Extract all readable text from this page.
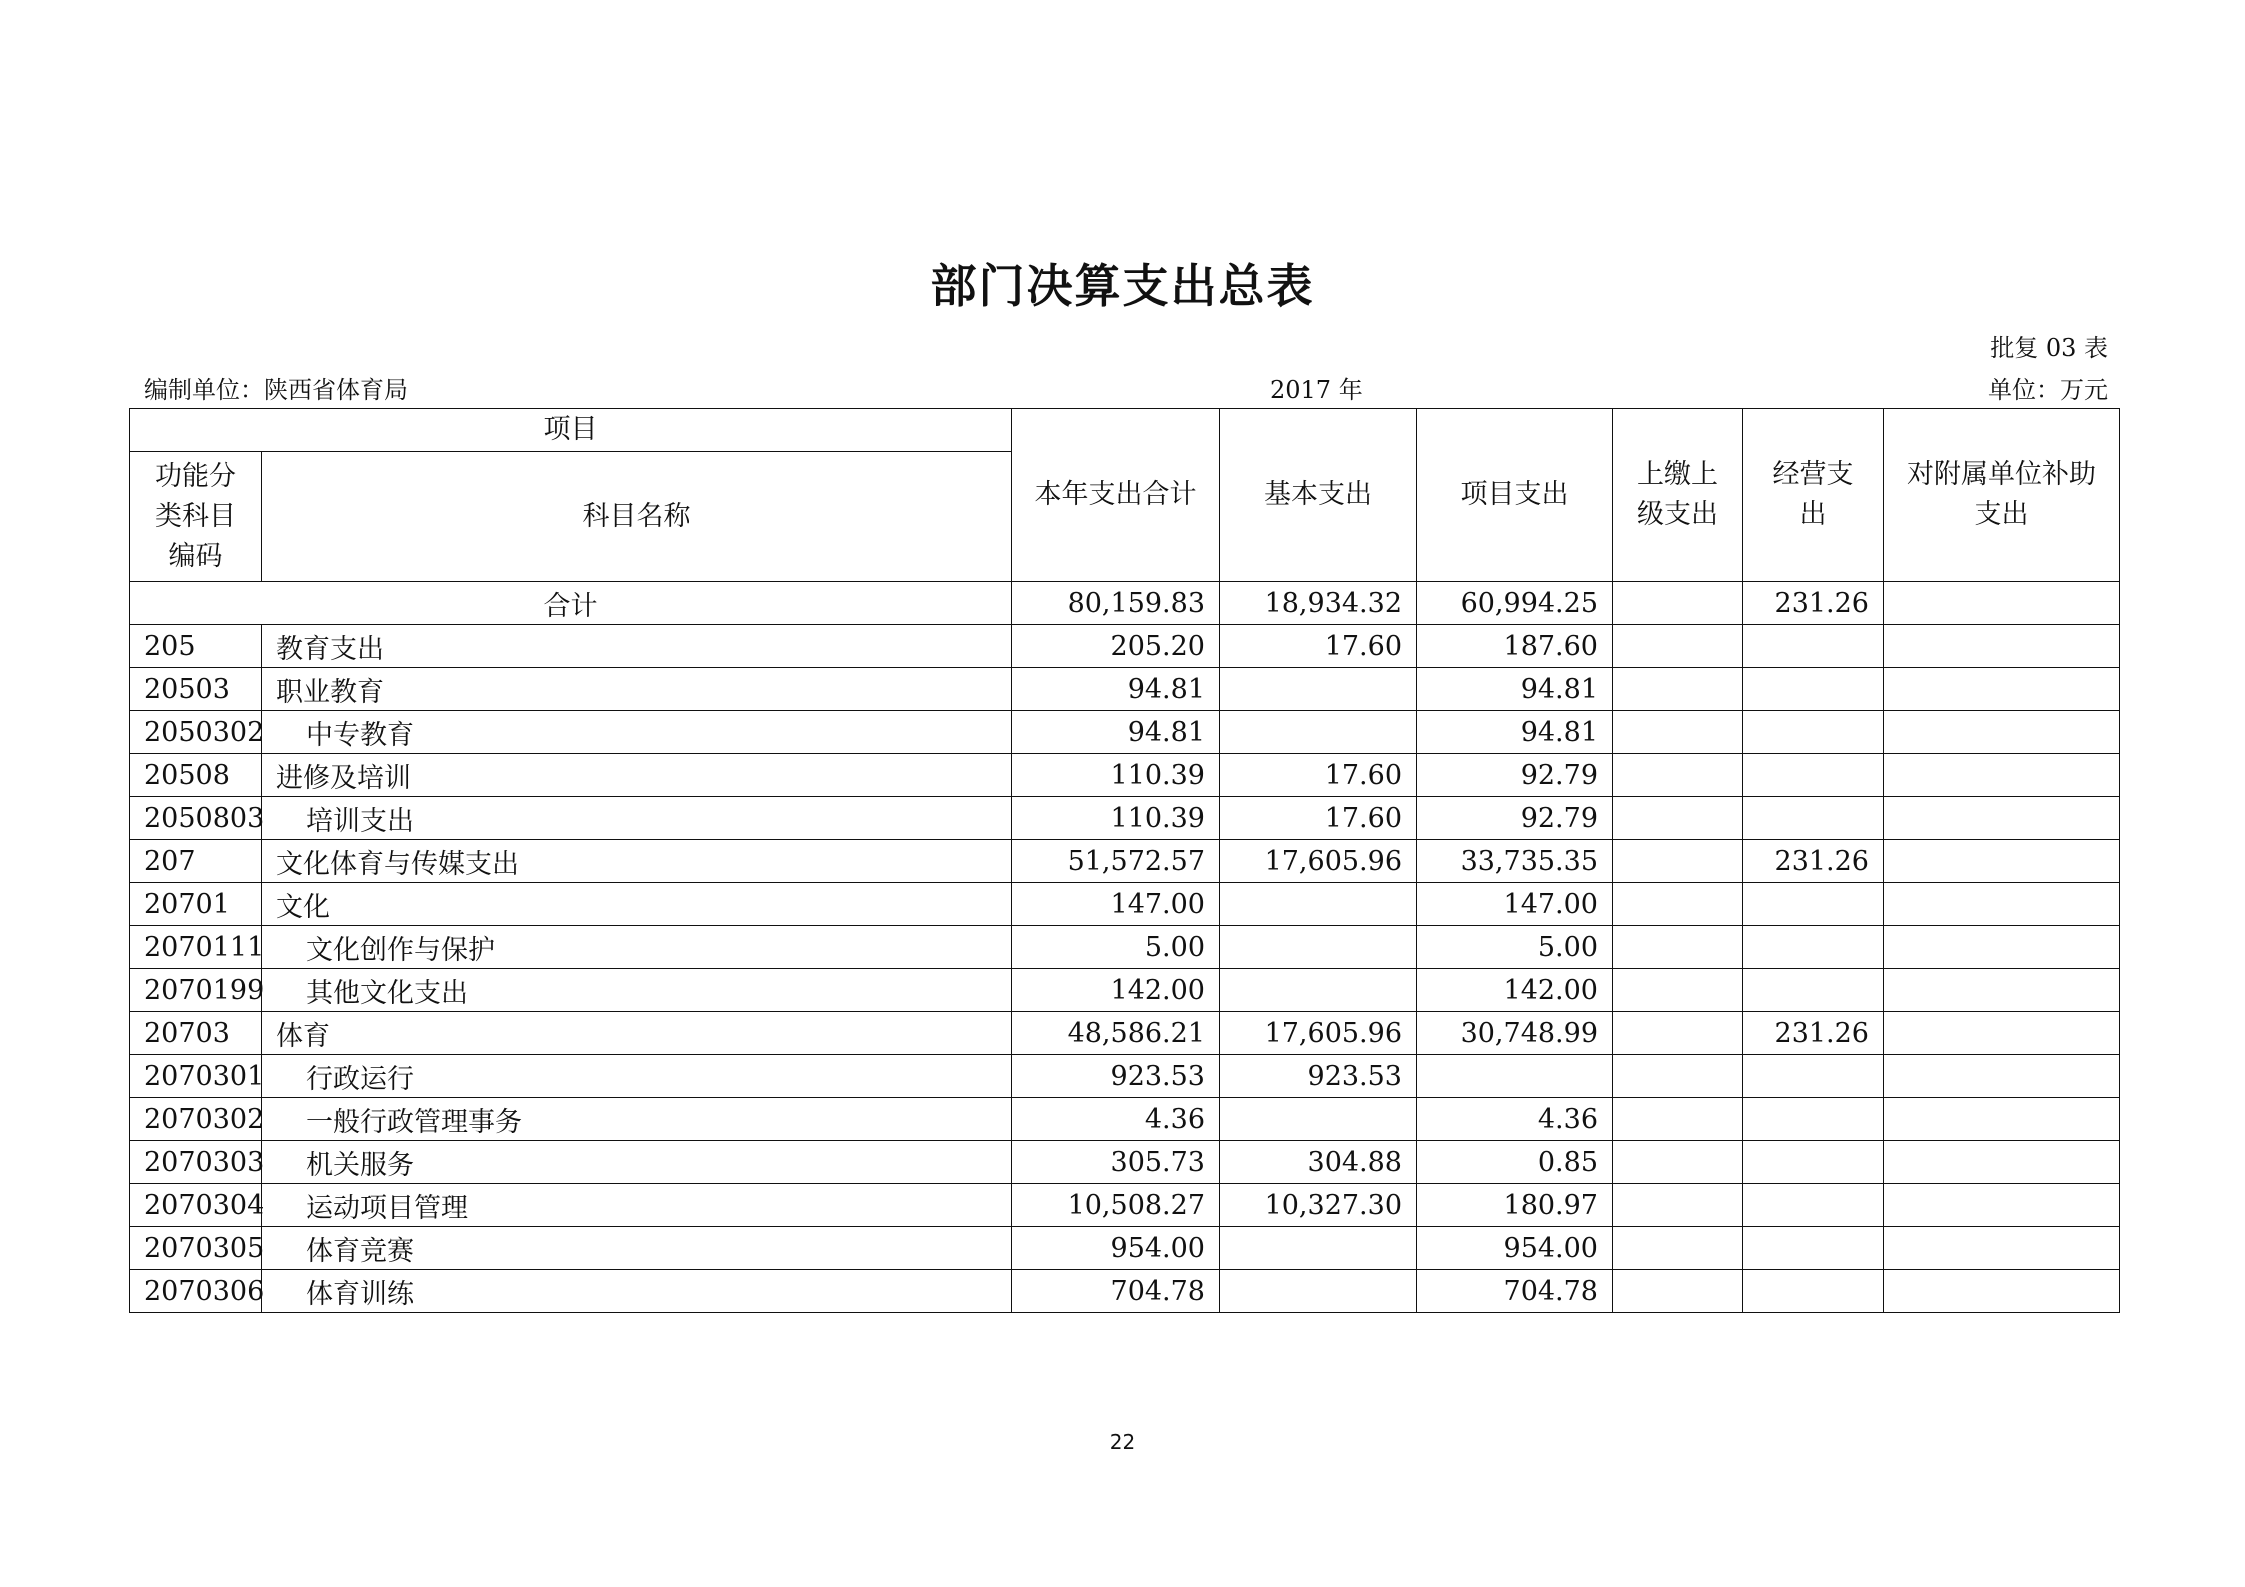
部门决算支出总表
批复 03 表
编制单位：陕西省体育局	2017 年	单位：万元
项目		本年支出合计	基本支出	项目支出	上缴上级支出	经营支出	对附属单位补助支出
功能分类科目编码	科目名称						
合计		80,159.83	18,934.32	60,994.25		231.26	
205	教育支出	205.20	17.60	187.60			
20503	职业教育	94.81		94.81			
2050302	中专教育	94.81		94.81			
20508	进修及培训	110.39	17.60	92.79			
2050803	培训支出	110.39	17.60	92.79			
207	文化体育与传媒支出	51,572.57	17,605.96	33,735.35		231.26	
20701	文化	147.00		147.00			
2070111	文化创作与保护	5.00		5.00			
2070199	其他文化支出	142.00		142.00			
20703	体育	48,586.21	17,605.96	30,748.99		231.26	
2070301	行政运行	923.53	923.53				
2070302	一般行政管理事务	4.36		4.36			
2070303	机关服务	305.73	304.88	0.85			
2070304	运动项目管理	10,508.27	10,327.30	180.97			
2070305	体育竞赛	954.00		954.00			
2070306	体育训练	704.78		704.78			
22
